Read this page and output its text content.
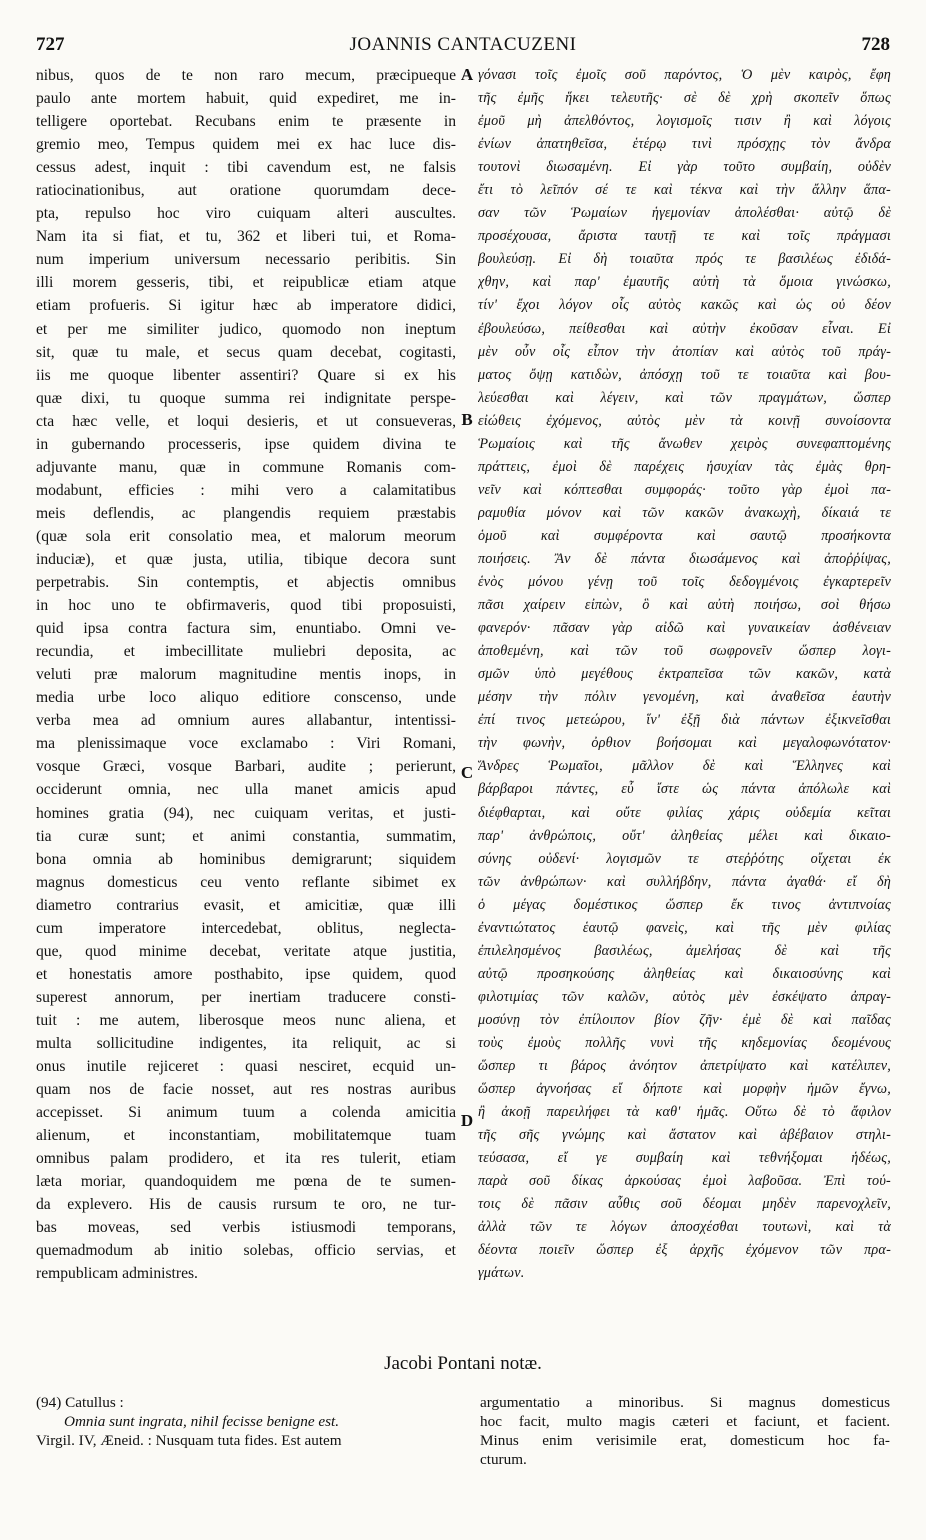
727	JOANNIS CANTACUZENI	728
nibus, quos de te non raro mecum, præcipueque
paulo ante mortem habuit, quid expediret, me in-
telligere oportebat. Recubans enim te præsente in
gremio meo, Tempus quidem mei ex hac luce dis-
cessus adest, inquit : tibi cavendum est, ne falsis
ratiocinationibus, aut oratione quorumdam dece-
pta, repulso hoc viro cuiquam alteri auscultes.
Nam ita si fiat, et tu, 362 et liberi tui, et Roma-
num imperium universum necessario peribitis. Sin
illi morem gesseris, tibi, et reipublicæ etiam atque
etiam profueris. Si igitur hæc ab imperatore didici,
et per me similiter judico, quomodo non ineptum
sit, quæ tu male, et secus quam decebat, cogitasti,
iis me quoque libenter assentiri? Quare si ex his
quæ dixi, tu quoque summa rei indignitate perspe-
cta hæc velle, et loqui desieris, et ut consueveras,
in gubernando processeris, ipse quidem divina te
adjuvante manu, quæ in commune Romanis com-
modabunt, efficies : mihi vero a calamitatibus
meis deflendis, ac plangendis requiem præstabis
(quæ sola erit consolatio mea, et malorum meorum
induciæ), et quæ justa, utilia, tibique decora sunt
perpetrabis. Sin contemptis, et abjectis omnibus
in hoc uno te obfirmaveris, quod tibi proposuisti,
quid ipsa contra factura sim, enuntiabo. Omni ve-
recundia, et imbecillitate muliebri deposita, ac
veluti præ malorum magnitudine mentis inops, in
media urbe loco aliquo editiore conscenso, unde
verba mea ad omnium aures allabantur, intentissi-
ma plenissimaque voce exclamabo : Viri Romani,
vosque Græci, vosque Barbari, audite ; perierunt,
occiderunt omnia, nec ulla manet amicis apud
homines gratia (94), nec cuiquam veritas, et justi-
tia curæ sunt; et animi constantia, summatim,
bona omnia ab hominibus demigrarunt; siquidem
magnus domesticus ceu vento reflante sibimet ex
diametro contrarius evasit, et amicitiæ, quæ illi
cum imperatore intercedebat, oblitus, neglecta-
que, quod minime decebat, veritate atque justitia,
et honestatis amore posthabito, ipse quidem, quod
superest annorum, per inertiam traducere consti-
tuit : me autem, liberosque meos nunc aliena, et
multa sollicitudine indigentes, ita reliquit, ac si
onus inutile rejiceret : quasi nesciret, ecquid un-
quam nos de facie nosset, aut res nostras auribus
accepisset. Si animum tuum a colenda amicitia
alienum, et inconstantiam, mobilitatemque tuam
omnibus palam prodidero, et ita res tulerit, etiam
læta moriar, quandoquidem me pœna de te sumen-
da explevero. His de causis rursum te oro, ne tur-
bas moveas, sed verbis istiusmodi temporans,
quemadmodum ab initio solebas, officio servias, et
rempublicam administres.
γόνασι τοῖς ἐμοῖς σοῦ παρόντος, Ὁ μὲν καιρὸς, ἔφη
τῆς ἐμῆς ἥκει τελευτῆς· σὲ δὲ χρὴ σκοπεῖν ὅπως
ἐμοῦ μὴ ἀπελθόντος, λογισμοῖς τισιν ἢ καὶ λόγοις
ἐνίων ἀπατηθεῖσα, ἑτέρῳ τινὶ πρόσχῃς τὸν ἄνδρα
τουτονὶ διωσαμένη. Εἰ γὰρ τοῦτο συμβαίη, οὐδὲν
ἔτι τὸ λεῖπόν σέ τε καὶ τέκνα καὶ τὴν ἄλλην ἅπα-
σαν τῶν Ῥωμαίων ἡγεμονίαν ἀπολέσθαι· αὐτῷ δὲ
προσέχουσα, ἄριστα ταυτῇ τε καὶ τοῖς πράγμασι
βουλεύσῃ. Εἰ δὴ τοιαῦτα πρός τε βασιλέως ἐδιδά-
χθην, καὶ παρ' ἐμαυτῆς αὐτὴ τὰ ὅμοια γινώσκω,
τίν' ἔχοι λόγον οἷς αὐτὸς κακῶς καὶ ὡς οὐ δέον
ἐβουλεύσω, πείθεσθαι καὶ αὐτὴν ἐκοῦσαν εἶναι. Εἰ
μὲν οὖν οἷς εἶπον τὴν ἀτοπίαν καὶ αὐτὸς τοῦ πράγ-
ματος ὄψῃ κατιδὼν, ἀπόσχῃ τοῦ τε τοιαῦτα καὶ βου-
λεύεσθαι καὶ λέγειν, καὶ τῶν πραγμάτων, ὥσπερ
εἰώθεις ἐχόμενος, αὐτὸς μὲν τὰ κοινῇ συνοίσοντα
Ῥωμαίοις καὶ τῆς ἄνωθεν χειρὸς συνεφαπτομένης
πράττεις, ἐμοὶ δὲ παρέχεις ἡσυχίαν τὰς ἐμὰς θρη-
νεῖν καὶ κόπτεσθαι συμφοράς· τοῦτο γὰρ ἐμοὶ πα-
ραμυθία μόνον καὶ τῶν κακῶν ἀνακωχὴ, δίκαιά τε
ὁμοῦ καὶ συμφέροντα καὶ σαυτῷ προσήκοντα
ποιήσεις. Ἂν δὲ πάντα διωσάμενος καὶ ἀποῤῥίψας,
ἑνὸς μόνου γένῃ τοῦ τοῖς δεδογμένοις ἐγκαρτερεῖν
πᾶσι χαίρειν εἰπὼν, ὃ καὶ αὐτὴ ποιήσω, σοὶ θήσω
φανερόν· πᾶσαν γὰρ αἰδῶ καὶ γυναικείαν ἀσθένειαν
ἀποθεμένη, καὶ τῶν τοῦ σωφρονεῖν ὥσπερ λογι-
σμῶν ὑπὸ μεγέθους ἐκτραπεῖσα τῶν κακῶν, κατὰ
μέσην τὴν πόλιν γενομένη, καὶ ἀναθεῖσα ἑαυτὴν
ἐπί τινος μετεώρου, ἵν' ἐξῇ διὰ πάντων ἐξικνεῖσθαι
τὴν φωνὴν, ὀρθιον βοήσομαι καὶ μεγαλοφωνότατον·
Ἄνδρες Ῥωμαῖοι, μᾶλλον δὲ καὶ Ἕλληνες καὶ
βάρβαροι πάντες, εὖ ἴστε ὡς πάντα ἀπόλωλε καὶ
διέφθαρται, καὶ οὔτε φιλίας χάρις οὐδεμία κεῖται
παρ' ἀνθρώποις, οὔτ' ἀληθείας μέλει καὶ δικαιο-
σύνης οὐδενί· λογισμῶν τε στεῤῥότης οἴχεται ἐκ
τῶν ἀνθρώπων· καὶ συλλήβδην, πάντα ἀγαθά· εἴ δὴ
ὁ μέγας δομέστικος ὥσπερ ἔκ τινος ἀντιπνοίας
ἐναντιώτατος ἑαυτῷ φανεὶς, καὶ τῆς μὲν φιλίας
ἐπιλελησμένος βασιλέως, ἀμελήσας δὲ καὶ τῆς
αὐτῷ προσηκούσης ἀληθείας καὶ δικαιοσύνης καὶ
φιλοτιμίας τῶν καλῶν, αὐτὸς μὲν ἐσκέψατο ἀπραγ-
μοσύνῃ τὸν ἐπίλοιπον βίον ζῆν· ἐμὲ δὲ καὶ παῖδας
τοὺς ἐμοὺς πολλῆς νυνὶ τῆς κηδεμονίας δεομένους
ὥσπερ τι βάρος ἀνόητον ἀπετρίψατο καὶ κατέλιπεν,
ὥσπερ ἀγνοήσας εἴ δήποτε καὶ μορφὴν ἡμῶν ἔγνω,
ἢ ἀκοῇ παρειλήφει τὰ καθ' ἡμᾶς. Οὕτω δὲ τὸ ἄφιλον
τῆς σῆς γνώμης καὶ ἄστατον καὶ ἀβέβαιον στηλι-
τεύσασα, εἴ γε συμβαίη καὶ τεθνήξομαι ἡδέως,
παρὰ σοῦ δίκας ἀρκούσας ἐμοὶ λαβοῦσα. Ἐπὶ τού-
τοις δὲ πᾶσιν αὖθις σοῦ δέομαι μηδὲν παρενοχλεῖν,
ἀλλὰ τῶν τε λόγων ἀποσχέσθαι τουτωνὶ, καὶ τὰ
δέοντα ποιεῖν ὥσπερ ἐξ ἀρχῆς ἐχόμενον τῶν πρα-
γμάτων.
A
B
C
D
Jacobi Pontani notæ.
(94) Catullus :
Omnia sunt ingrata, nihil fecisse benigne est.
Virgil. IV, Æneid. : Nusquam tuta fides. Est autem
argumentatio a minoribus. Si magnus domesticus
hoc facit, multo magis cæteri et faciunt, et facient.
Minus enim verisimile erat, domesticum hoc fa-
cturum.
